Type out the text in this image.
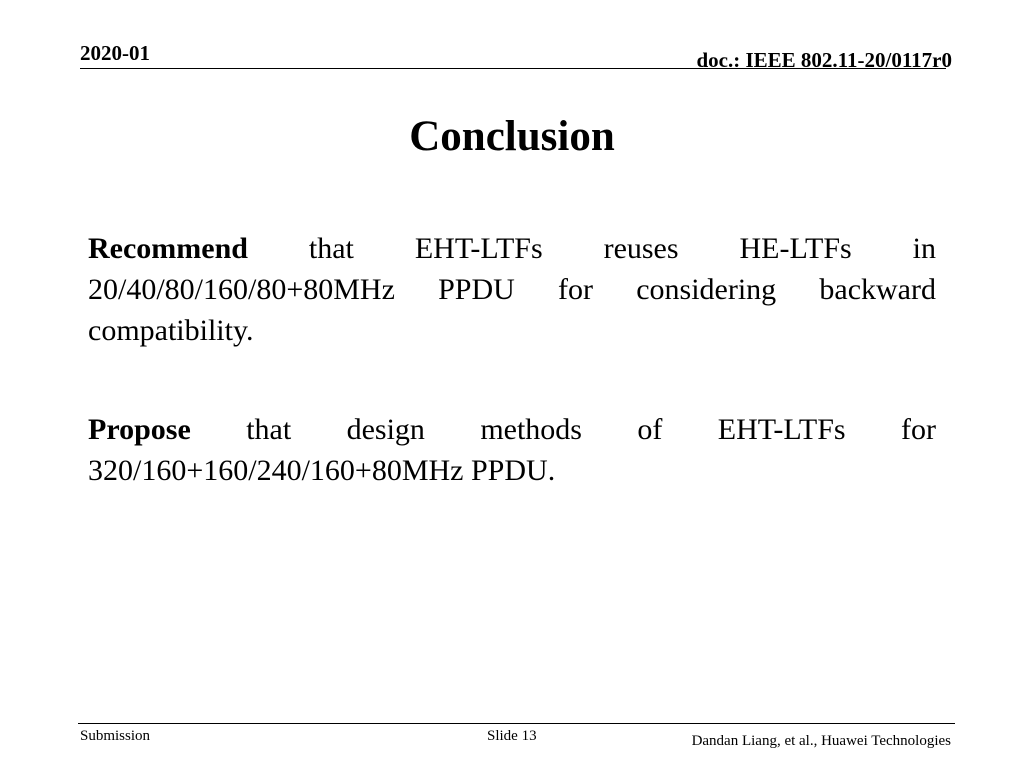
2020-01	doc.: IEEE 802.11-20/0117r0
Conclusion
Recommend that EHT-LTFs reuses HE-LTFs in 20/40/80/160/80+80MHz PPDU for considering backward compatibility.
Propose that design methods of EHT-LTFs for 320/160+160/240/160+80MHz PPDU.
Submission	Slide 13	Dandan Liang, et al., Huawei Technologies
